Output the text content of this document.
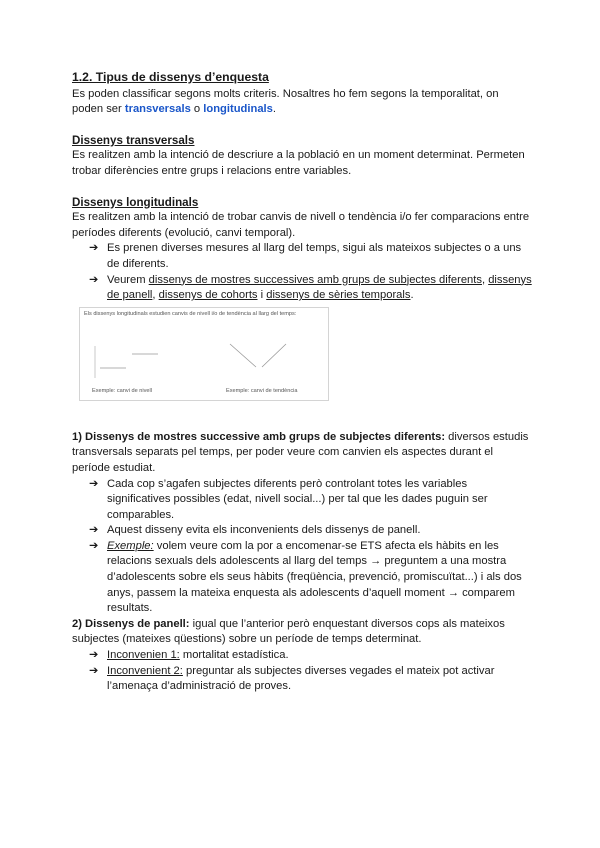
1.2. Tipus de dissenys d’enquesta

Es poden classificar segons molts criteris. Nosaltres ho fem segons la temporalitat, on poden ser transversals o longitudinals.

Dissenys transversals

Es realitzen amb la intenció de descriure a la població en un moment determinat. Permeten trobar diferències entre grups i relacions entre variables.

Dissenys longitudinals

Es realitzen amb la intenció de trobar canvis de nivell o tendència i/o fer comparacions entre períodes diferents (evolució, canvi temporal).

➔ Es prenen diverses mesures al llarg del temps, sigui als mateixos subjectes o a uns de diferents.
➔ Veurem dissenys de mostres successives amb grups de subjectes diferents, dissenys de panell, dissenys de cohorts i dissenys de sèries temporals.
Els dissenys longitudinals estudien canvis de nivell i/o de tendència al llarg del temps:
Exemple: canvi de nivell	Exemple: canvi de tendència

1) Dissenys de mostres successive amb grups de subjectes diferents: diversos estudis transversals separats pel temps, per poder veure com canvien els aspectes durant el període estudiat.

➔ Cada cop s’agafen subjectes diferents però controlant totes les variables significatives possibles (edat, nivell social...) per tal que les dades puguin ser comparables.
➔ Aquest disseny evita els inconvenients dels dissenys de panell.
➔ Exemple: volem veure com la por a encomenar-se ETS afecta els hàbits en les relacions sexuals dels adolescents al llarg del temps → preguntem a una mostra d’adolescents sobre els seus hàbits (freqüència, prevenció, promiscuïtat...) i als dos anys, passem la mateixa enquesta als adolescents d’aquell moment → comparem resultats.

2) Dissenys de panell: igual que l’anterior però enquestant diversos cops als mateixos subjectes (mateixes qüestions) sobre un període de temps determinat.

➔ Inconvenien 1: mortalitat estadística.
➔ Inconvenient 2: preguntar als subjectes diverses vegades el mateix pot activar l’amenaça d’administració de proves.
